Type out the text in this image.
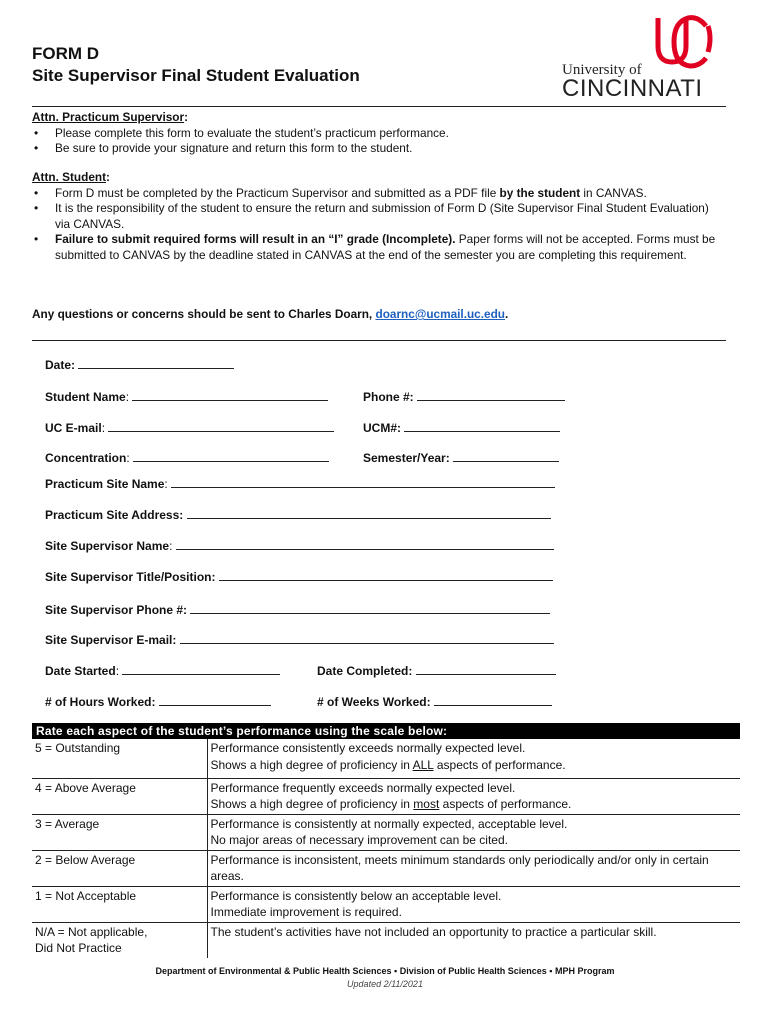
FORM D
Site Supervisor Final Student Evaluation	University of
CINCINNATI
Attn. Practicum Supervisor:
• Please complete this form to evaluate the student’s practicum performance.
• Be sure to provide your signature and return this form to the student.
Attn. Student:
• Form D must be completed by the Practicum Supervisor and submitted as a PDF file by the student in CANVAS.
• It is the responsibility of the student to ensure the return and submission of Form D (Site Supervisor Final Student Evaluation) via CANVAS.
• Failure to submit required forms will result in an “I” grade (Incomplete). Paper forms will not be accepted. Forms must be submitted to CANVAS by the deadline stated in CANVAS at the end of the semester you are completing this requirement.
Any questions or concerns should be sent to Charles Doarn, doarnc@ucmail.uc.edu.
Date:
Student Name:	Phone #:
UC E-mail:	UCM#:
Concentration:	Semester/Year:
Practicum Site Name:
Practicum Site Address:
Site Supervisor Name:
Site Supervisor Title/Position:
Site Supervisor Phone #:
Site Supervisor E-mail:
Date Started:	Date Completed:
# of Hours Worked:	# of Weeks Worked:
Rate each aspect of the student’s performance using the scale below:
5 = Outstanding	Performance consistently exceeds normally expected level.
Shows a high degree of proficiency in ALL aspects of performance.

4 = Above Average	Performance frequently exceeds normally expected level.
Shows a high degree of proficiency in most aspects of performance.

3 = Average	Performance is consistently at normally expected, acceptable level.
No major areas of necessary improvement can be cited.

2 = Below Average	Performance is inconsistent, meets minimum standards only periodically and/or only in certain areas.
1 = Not Acceptable	Performance is consistently below an acceptable level.
Immediate improvement is required.

N/A = Not applicable,
Did Not Practice	The student’s activities have not included an opportunity to practice a particular skill.
Department of Environmental & Public Health Sciences ▪ Division of Public Health Sciences ▪ MPH Program
Updated 2/11/2021
